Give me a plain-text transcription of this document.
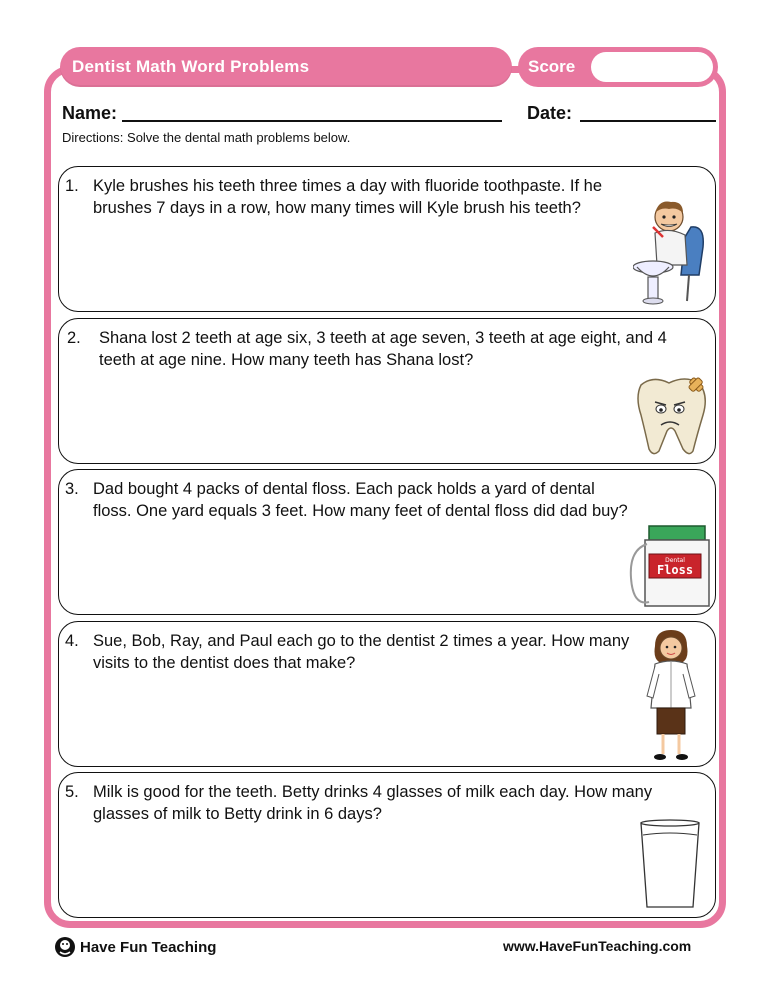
Dentist Math Word Problems	Score
Name:	Date:
Directions: Solve the dental math problems below.
1. Kyle brushes his teeth three times a day with fluoride toothpaste. If he brushes 7 days in a row, how many times will Kyle brush his teeth?
2.	Shana lost 2 teeth at age six, 3 teeth at age seven, 3 teeth at age eight, and 4 teeth at age nine. How many teeth has Shana lost?
3. Dad bought 4 packs of dental floss. Each pack holds a yard of dental floss. One yard equals 3 feet. How many feet of dental floss did dad buy?
Dental
Floss
4. Sue, Bob, Ray, and Paul each go to the dentist 2 times a year. How many visits to the dentist does that make?
5. Milk is good for the teeth. Betty drinks 4 glasses of milk each day. How many glasses of milk to Betty drink in 6 days?
Have Fun Teaching	www.HaveFunTeaching.com
